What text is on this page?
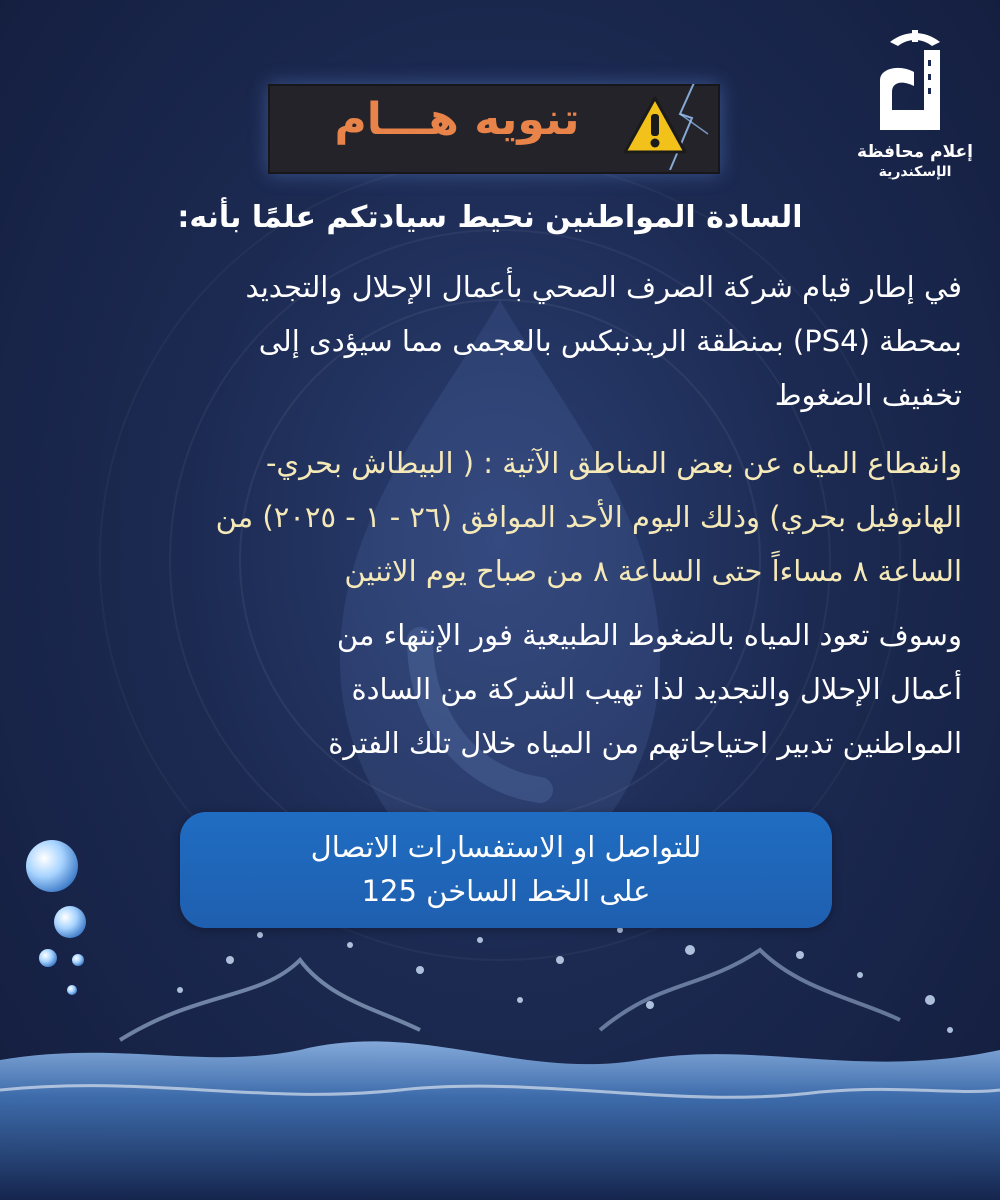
تنويه هـــام
إعلام محافظة
الإسكندرية
السادة المواطنين نحيط سيادتكم علمًا بأنه:
في إطار قيام شركة الصرف الصحي بأعمال الإحلال والتجديد
بمحطة (PS4) بمنطقة الريدنبكس بالعجمى مما سيؤدى إلى
تخفيف الضغوط
وانقطاع المياه عن بعض المناطق الآتية : ( البيطاش بحري-
الهانوفيل بحري) وذلك اليوم الأحد الموافق (٢٦ - ١ - ٢٠٢٥) من
الساعة ٨ مساءاً حتى الساعة ٨ من صباح يوم الاثنين
وسوف تعود المياه بالضغوط الطبيعية فور الإنتهاء من
أعمال الإحلال والتجديد لذا تهيب الشركة من السادة
المواطنين تدبير احتياجاتهم من المياه خلال تلك الفترة
للتواصل او الاستفسارات الاتصال
على الخط الساخن 125
